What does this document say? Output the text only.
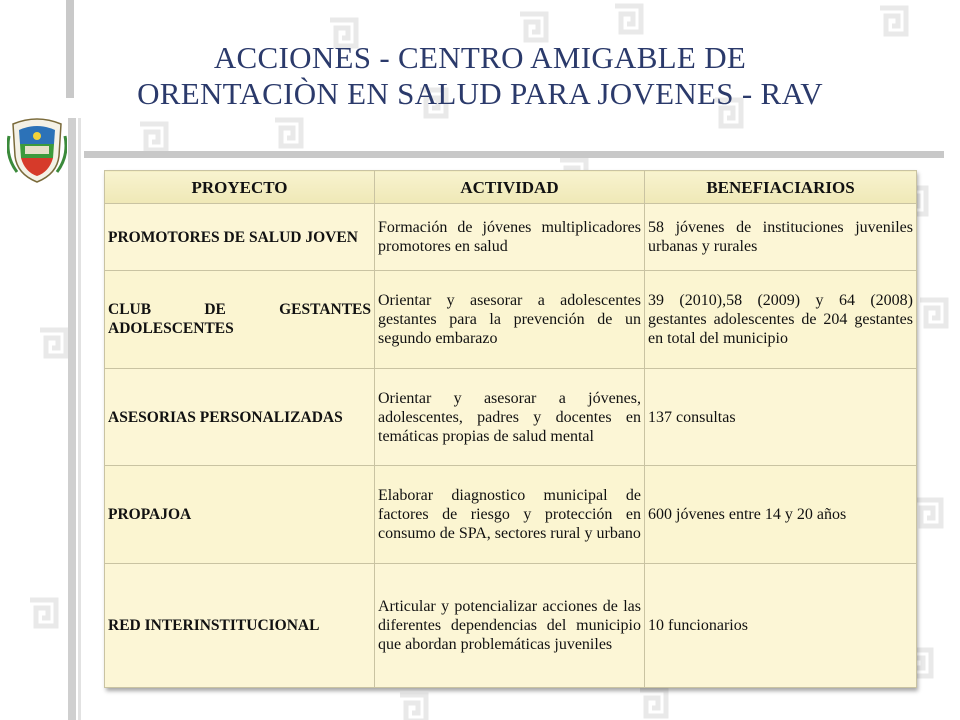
ACCIONES - CENTRO AMIGABLE DE
ORENTACIÒN EN SALUD PARA JOVENES - RAV
PROYECTO	ACTIVIDAD	BENEFIACIARIOS
PROMOTORES DE SALUD JOVEN	Formación de jóvenes multiplicadores promotores en salud	58 jóvenes de instituciones juveniles urbanas y rurales
CLUB DE GESTANTES ADOLESCENTES	Orientar y asesorar a adolescentes gestantes para la prevención de un segundo embarazo	39 (2010),58 (2009) y 64 (2008) gestantes adolescentes de 204 gestantes en total del municipio
ASESORIAS PERSONALIZADAS	Orientar y asesorar a jóvenes, adolescentes, padres y docentes en temáticas propias de salud mental	137 consultas
PROPAJOA	Elaborar diagnostico municipal de factores de riesgo y protección en consumo de SPA, sectores rural y urbano	600 jóvenes entre 14 y 20 años
RED INTERINSTITUCIONAL	Articular y potencializar acciones de las diferentes dependencias del municipio que abordan problemáticas juveniles	10 funcionarios
